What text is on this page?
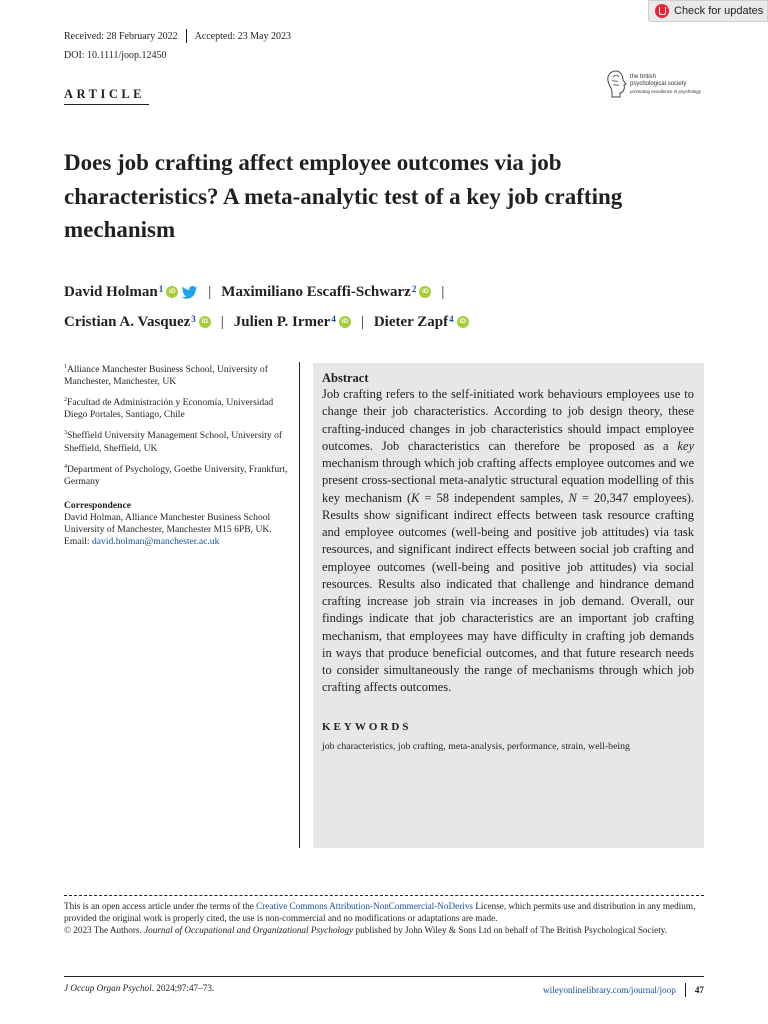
Check for updates
Received: 28 February 2022 Accepted: 23 May 2023
DOI: 10.1111/joop.12450
ARTICLE
the british
psychological society
promoting excellence in psychology
Does job crafting affect employee outcomes via job characteristics? A meta-analytic test of a key job crafting mechanism
David Holman$^1$ iD | Maximiliano Escaffi-Schwarz$^2$ iD |

Cristian A. Vasquez$^3$ iD | Julien P. Irmer$^4$ iD | Dieter Zapf$^4$ iD

$^1$Alliance Manchester Business School, University of Manchester, Manchester, UK

$^2$Facultad de Administración y Economía, Universidad Diego Portales, Santiago, Chile

$^3$Sheffield University Management School, University of Sheffield, Sheffield, UK

$^4$Department of Psychology, Goethe University, Frankfurt, Germany

Correspondence
David Holman, Alliance Manchester Business School University of Manchester, Manchester M15 6PB, UK.
Email: david.holman@manchester.ac.uk
Abstract
Job crafting refers to the self-initiated work behaviours employees use to change their job characteristics. According to job design theory, these crafting-induced changes in job characteristics should impact employee outcomes. Job characteristics can therefore be proposed as a key mechanism through which job crafting affects employee outcomes and we present cross-sectional meta-analytic structural equation modelling of this key mechanism (K = 58 independent samples, N = 20,347 employees). Results show significant indirect effects between task resource crafting and employee outcomes (well-being and positive job attitudes) via task resources, and significant indirect effects between social job crafting and employee outcomes (well-being and positive job attitudes) via social resources. Results also indicated that challenge and hindrance demand crafting increase job strain via increases in job demand. Overall, our findings indicate that job characteristics are an important job crafting mechanism, that employees may have difficulty in crafting job demands in ways that produce beneficial outcomes, and that future research needs to consider simultaneously the range of mechanisms through which job crafting affects outcomes.
KEYWORDS
job characteristics, job crafting, meta-analysis, performance, strain, well-being
This is an open access article under the terms of the Creative Commons Attribution-NonCommercial-NoDerivs License, which permits use and distribution in any medium, provided the original work is properly cited, the use is non-commercial and no modifications or adaptations are made.
© 2023 The Authors. Journal of Occupational and Organizational Psychology published by John Wiley & Sons Ltd on behalf of The British Psychological Society.
J Occup Organ Psychol. 2024;97:47–73.	wileyonlinelibrary.com/journal/joop 47
